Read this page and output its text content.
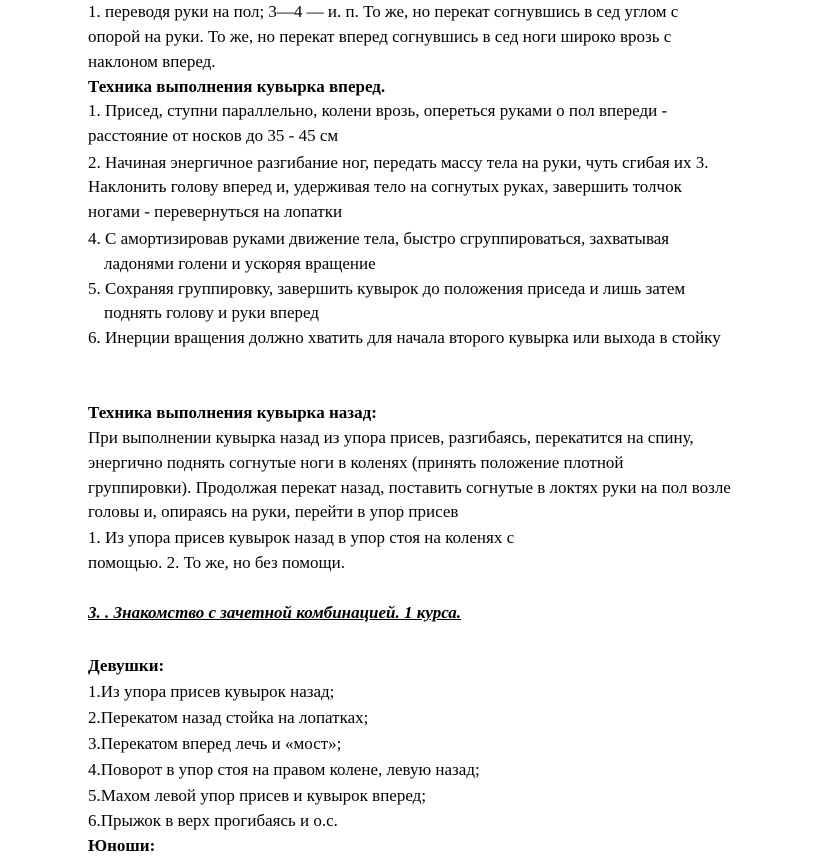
1. переводя руки на пол; 3—4 — и. п. То же, но перекат согнувшись в сед углом с
опорой на руки. То же, но перекат вперед согнувшись в сед ноги широко врозь с
наклоном вперед.
Техника выполнения кувырка вперед.
1. Присед, ступни параллельно, колени врозь, опереться руками о пол впереди -
расстояние от носков до 35 - 45 см
2. Начиная энергичное разгибание ног, передать массу тела на руки, чуть сгибая их 3.
Наклонить голову вперед и, удерживая тело на согнутых руках, завершить толчок
ногами - перевернуться на лопатки
4. С амортизировав руками движение тела, быстро сгруппироваться, захватывая
ладонями голени и ускоряя вращение
5. Сохраняя группировку, завершить кувырок до положения приседа и лишь затем
поднять голову и руки вперед
6. Инерции вращения должно хватить для начала второго кувырка или выхода в стойку
Техника выполнения кувырка назад:
При выполнении кувырка назад из упора присев, разгибаясь, перекатится на спину,
энергично поднять согнутые ноги в коленях (принять положение плотной
группировки). Продолжая перекат назад, поставить согнутые в локтях руки на пол возле
головы и, опираясь на руки, перейти в упор присев
1. Из упора присев кувырок назад в упор стоя на коленях с
помощью. 2. То же, но без помощи.
3. . Знакомство с зачетной комбинацией. 1 курса.
Девушки:
1.Из упора присев кувырок назад;
2.Перекатом назад стойка на лопатках;
3.Перекатом вперед лечь и «мост»;
4.Поворот в упор стоя на правом колене, левую назад;
5.Махом левой упор присев и кувырок вперед;
6.Прыжок в верх прогибаясь и о.с.
Юноши:
